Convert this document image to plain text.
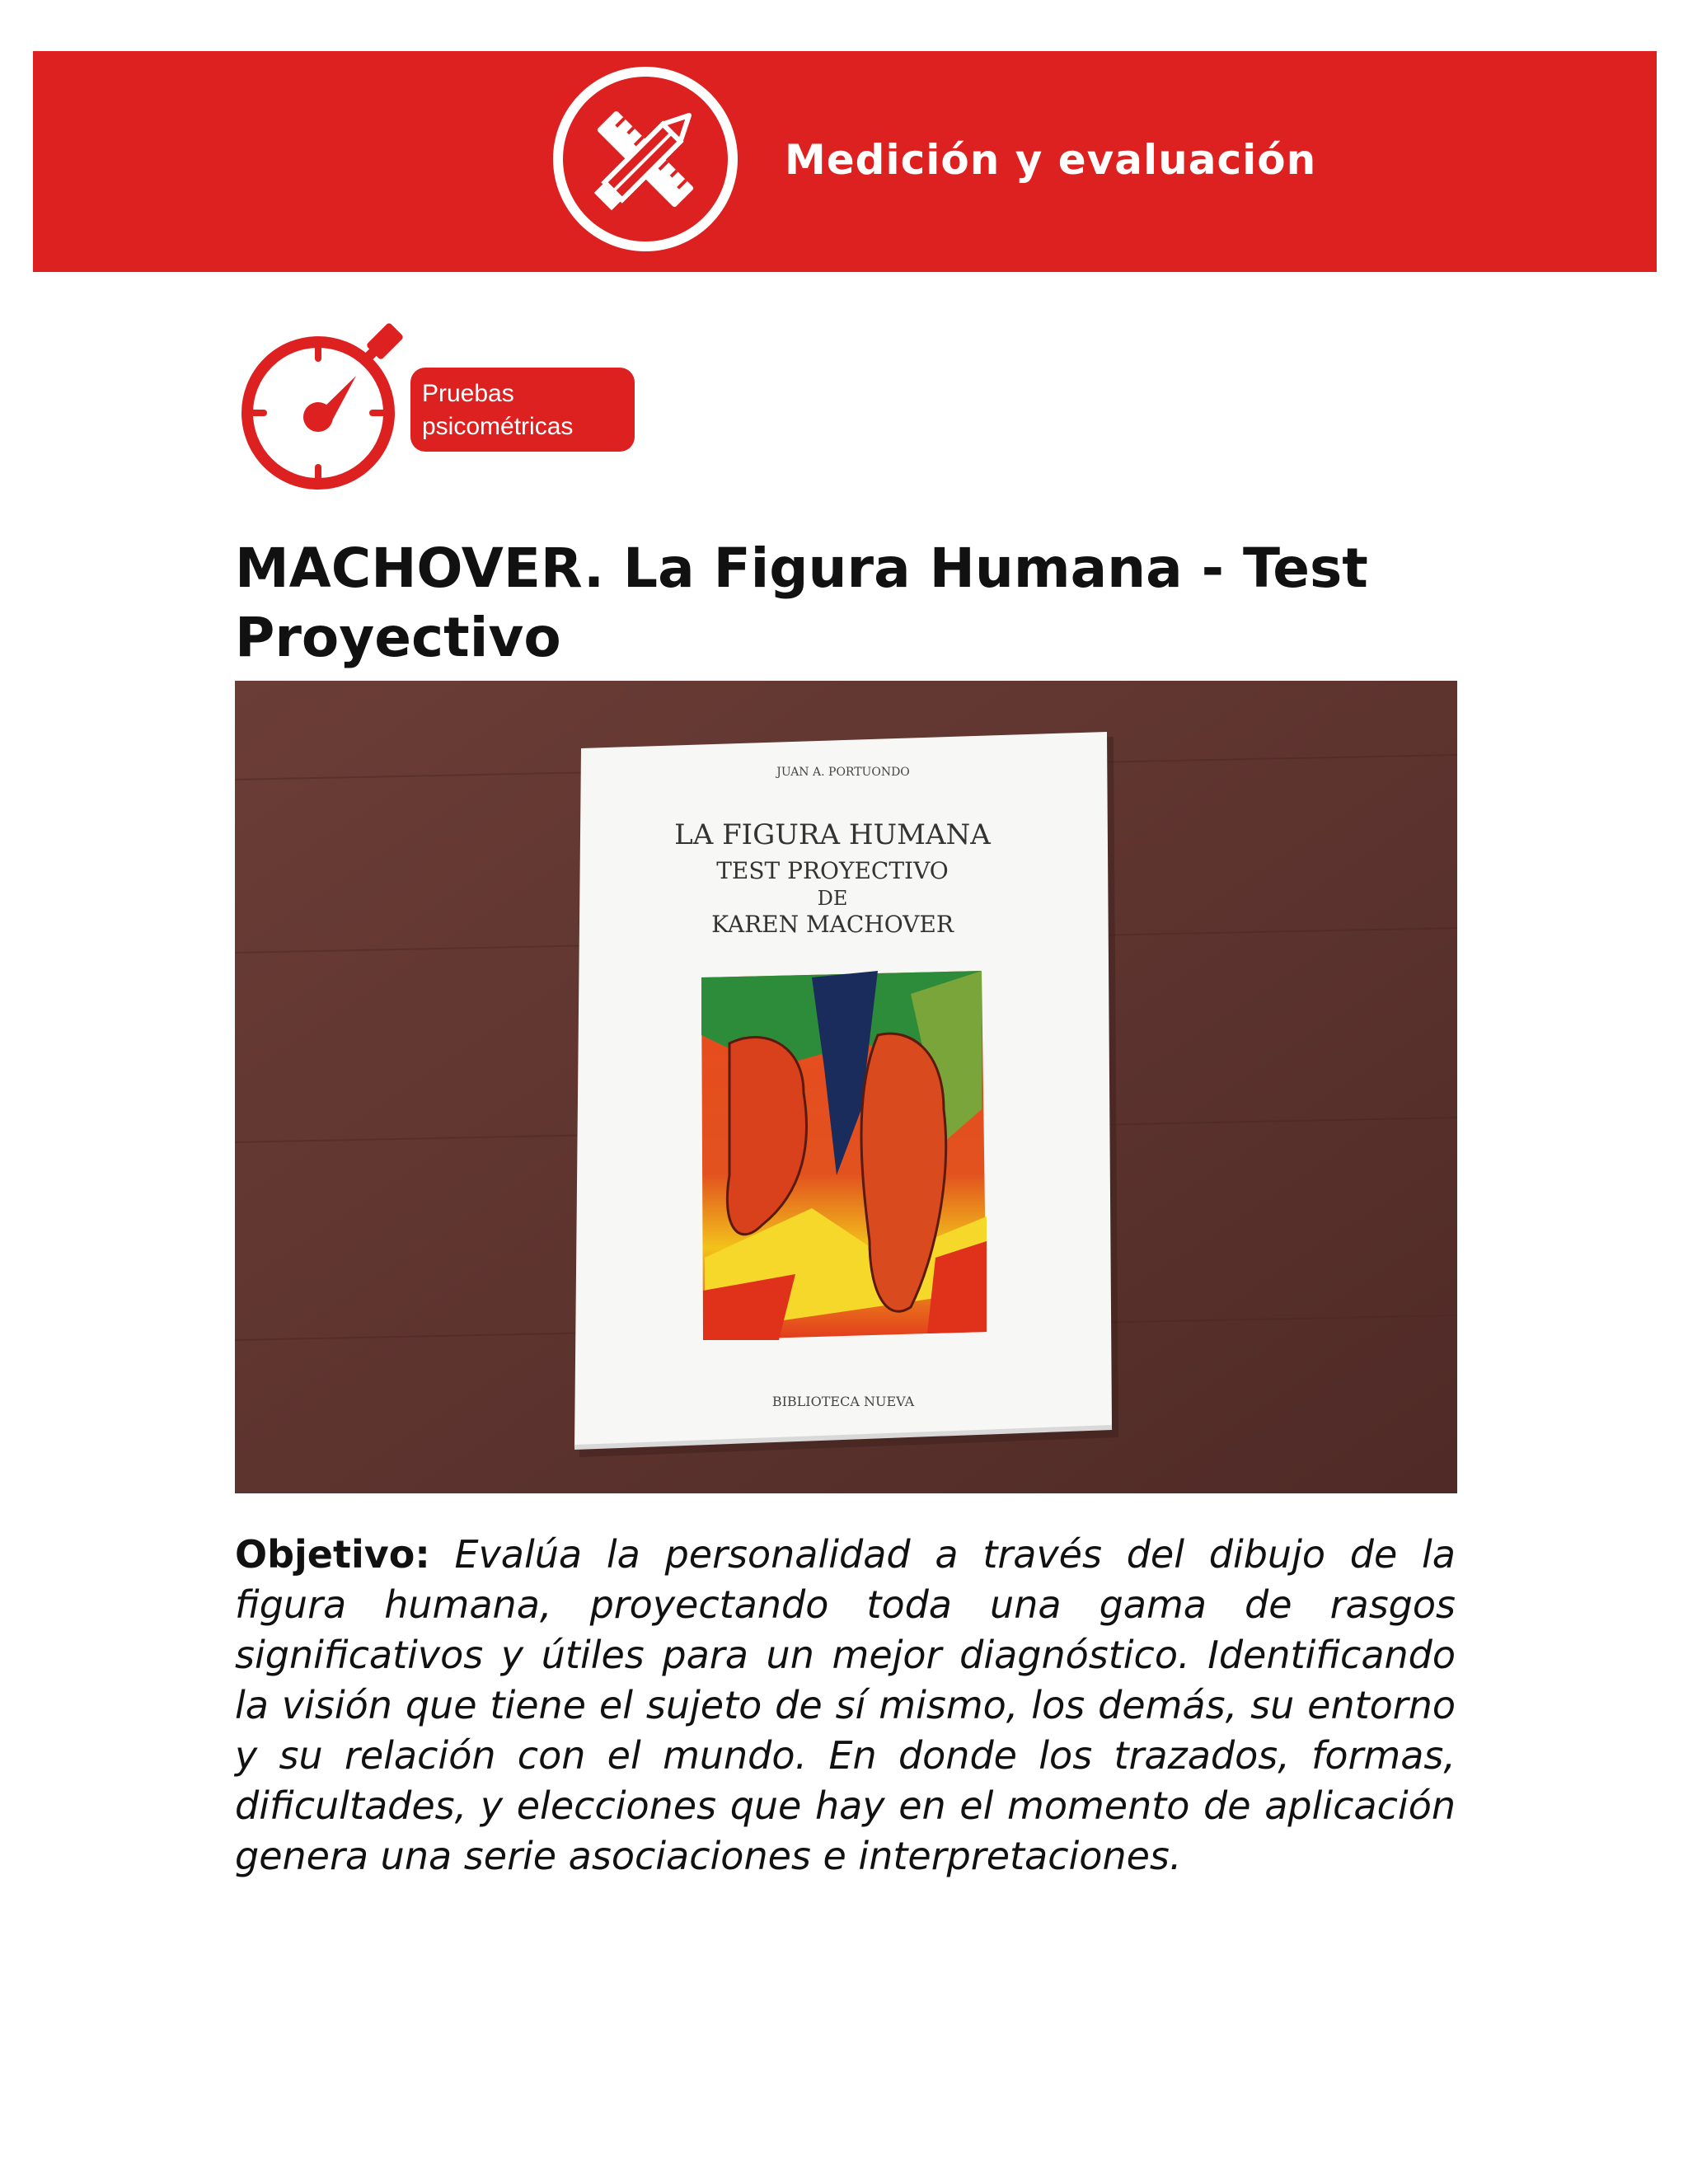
Medición y evaluación
Pruebas
psicométricas
MACHOVER. La Figura Humana - Test Proyectivo
JUAN A. PORTUONDO
LA FIGURA HUMANA
TEST PROYECTIVO
DE
KAREN MACHOVER
BIBLIOTECA NUEVA

Objetivo: Evalúa la personalidad a través del dibujo de la figura humana, proyectando toda una gama de rasgos significativos y útiles para un mejor diagnóstico. Identificando la visión que tiene el sujeto de sí mismo, los demás, su entorno y su relación con el mundo. En donde los trazados, formas, dificultades, y elecciones que hay en el momento de aplicación genera una serie asociaciones e interpretaciones.
